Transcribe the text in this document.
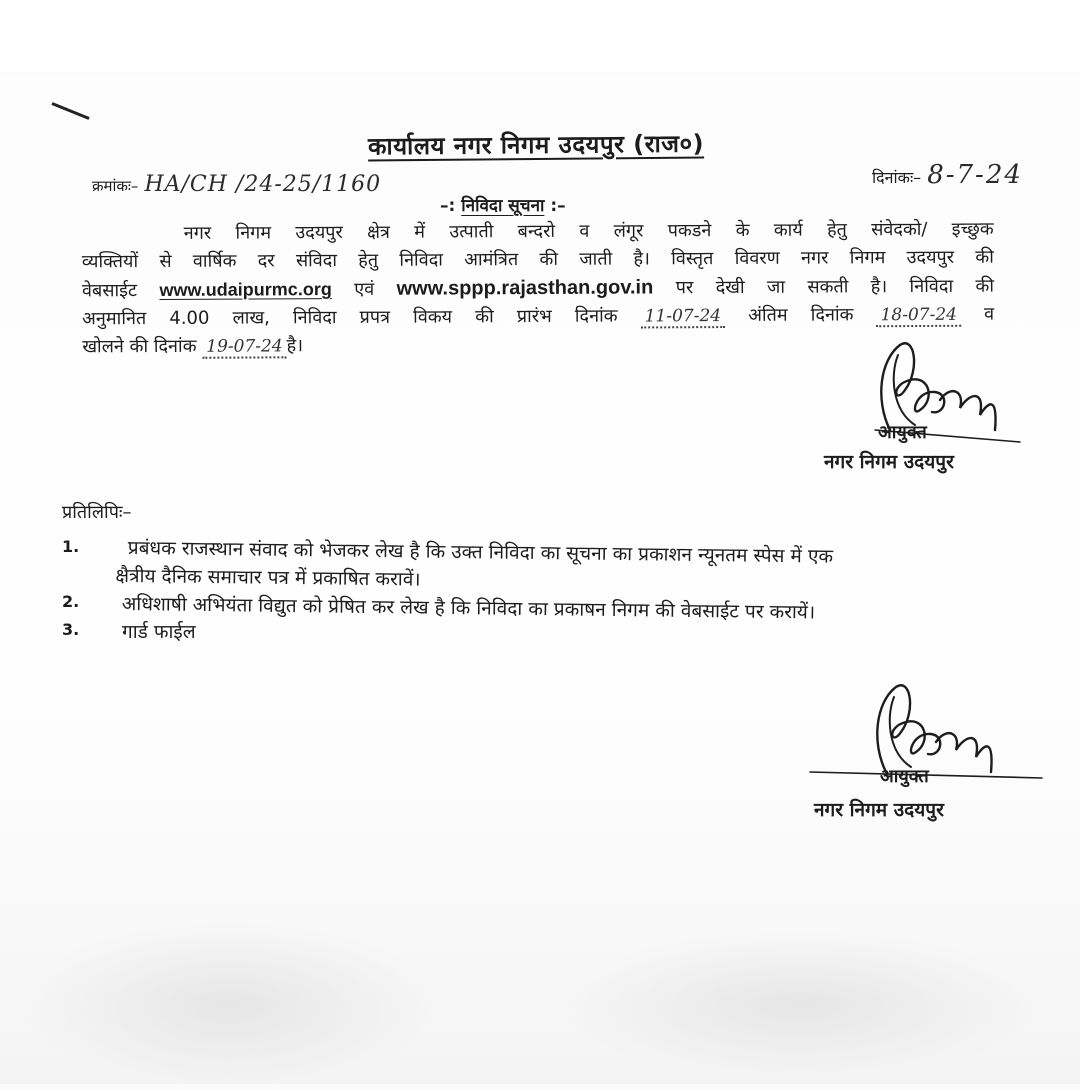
कार्यालय नगर निगम उदयपुर (राज०)
क्रमांकः– HA/CH /24-25/1160	दिनांकः– 8-7-24
–: निविदा सूचना :–
नगर निगम उदयपुर क्षेत्र में उत्पाती बन्दरो व लंगूर पकडने के कार्य हेतु संवेदको/ इच्छुक
व्यक्तियों से वार्षिक दर संविदा हेतु निविदा आमंत्रित की जाती है। विस्तृत विवरण नगर निगम उदयपुर की
वेबसाईट www.udaipurmc.org एवं www.sppp.rajasthan.gov.in पर देखी जा सकती है। निविदा की
अनुमानित 4.00 लाख, निविदा प्रपत्र विकय की प्रारंभ दिनांक 11-07-24 अंतिम दिनांक 18-07-24 व
खोलने की दिनांक 19-07-24 है।
आयुक्त
नगर निगम उदयपुर
प्रतिलिपिः–
1.	प्रबंधक राजस्थान संवाद को भेजकर लेख है कि उक्त निविदा का सूचना का प्रकाशन न्यूनतम स्पेस में एक
क्षैत्रीय दैनिक समाचार पत्र में प्रकाषित करावें।
2. अधिशाषी अभियंता विद्युत को प्रेषित कर लेख है कि निविदा का प्रकाषन निगम की वेबसाईट पर करायें।
3. गार्ड फाईल
आयुक्त
नगर निगम उदयपुर
